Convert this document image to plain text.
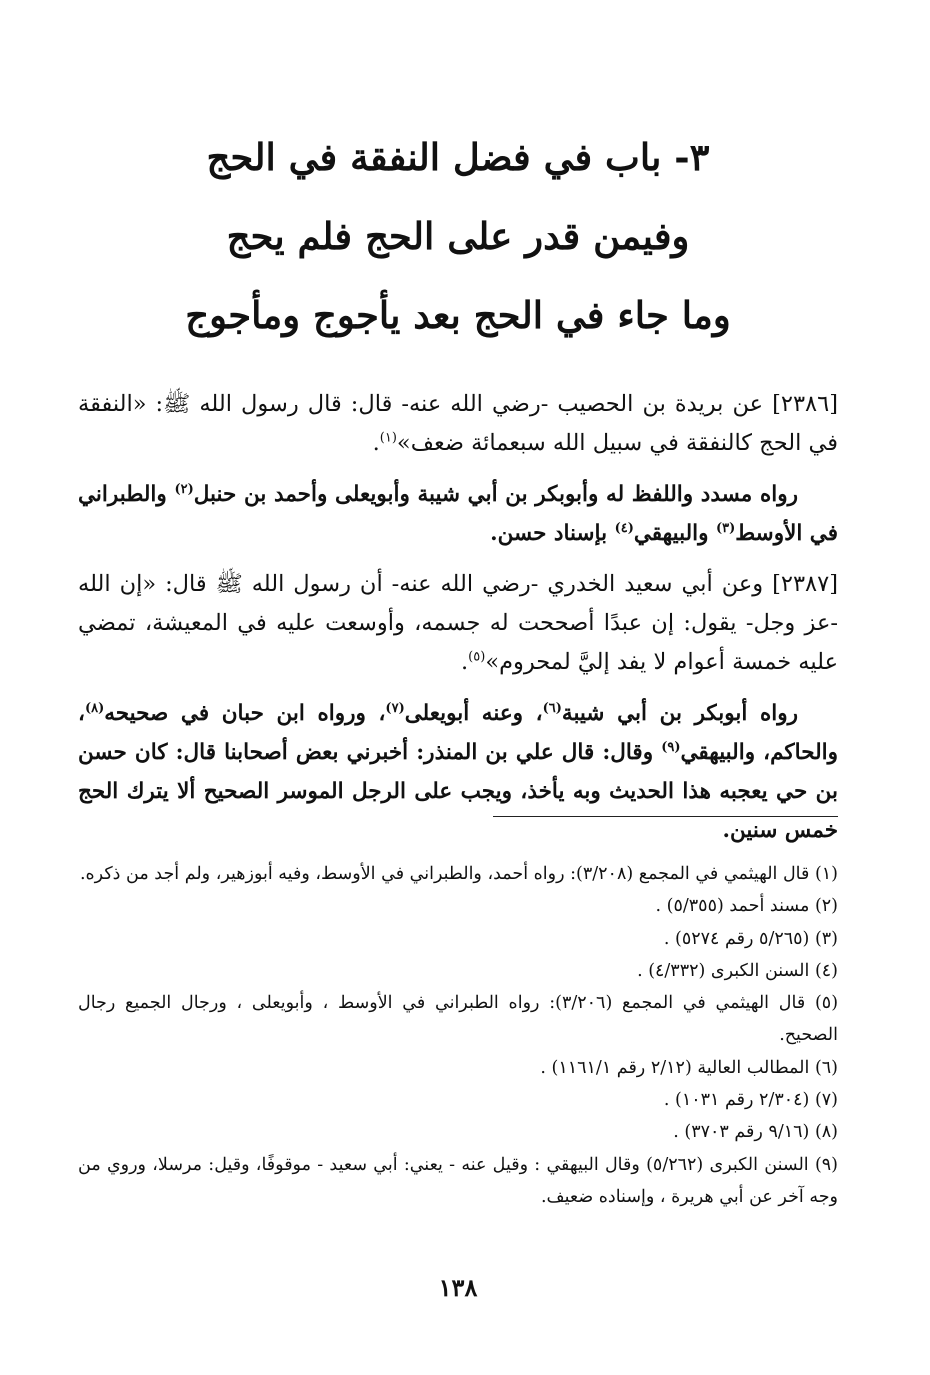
٣- باب في فضل النفقة في الحج
وفيمن قدر على الحج فلم يحج
وما جاء في الحج بعد يأجوج ومأجوج

[٢٣٨٦] عن بريدة بن الحصيب -رضي الله عنه- قال: قال رسول الله ﷺ: «النفقة في الحج كالنفقة في سبيل الله سبعمائة ضعف»$^{(١)}$.

رواه مسدد واللفظ له وأبوبكر بن أبي شيبة وأبويعلى وأحمد بن حنبل$^{(٢)}$ والطبراني في الأوسط$^{(٣)}$ والبيهقي$^{(٤)}$ بإسناد حسن.

[٢٣٨٧] وعن أبي سعيد الخدري -رضي الله عنه- أن رسول الله ﷺ قال: «إن الله -عز وجل- يقول: إن عبدًا أصححت له جسمه، وأوسعت عليه في المعيشة، تمضي عليه خمسة أعوام لا يفد إليَّ لمحروم»$^{(٥)}$.

رواه أبوبكر بن أبي شيبة$^{(٦)}$، وعنه أبويعلى$^{(٧)}$، ورواه ابن حبان في صحيحه$^{(٨)}$، والحاكم، والبيهقي$^{(٩)}$ وقال: قال علي بن المنذر: أخبرني بعض أصحابنا قال: كان حسن بن حي يعجبه هذا الحديث وبه يأخذ، ويجب على الرجل الموسر الصحيح ألا يترك الحج خمس سنين.

(١) قال الهيثمي في المجمع (٣/٢٠٨): رواه أحمد، والطبراني في الأوسط، وفيه أبوزهير، ولم أجد من ذكره.

(٢) مسند أحمد (٥/٣٥٥) .

(٣) (٥/٢٦٥ رقم ٥٢٧٤) .

(٤) السنن الكبرى (٤/٣٣٢) .

(٥) قال الهيثمي في المجمع (٣/٢٠٦): رواه الطبراني في الأوسط ، وأبويعلى ، ورجال الجميع رجال الصحيح.

(٦) المطالب العالية (٢/١٢ رقم ١١٦١/١) .

(٧) (٢/٣٠٤ رقم ١٠٣١) .

(٨) (٩/١٦ رقم ٣٧٠٣) .

(٩) السنن الكبرى (٥/٢٦٢) وقال البيهقي : وقيل عنه - يعني: أبي سعيد - موقوفًا، وقيل: مرسلا، وروي من وجه آخر عن أبي هريرة ، وإسناده ضعيف.

١٣٨
